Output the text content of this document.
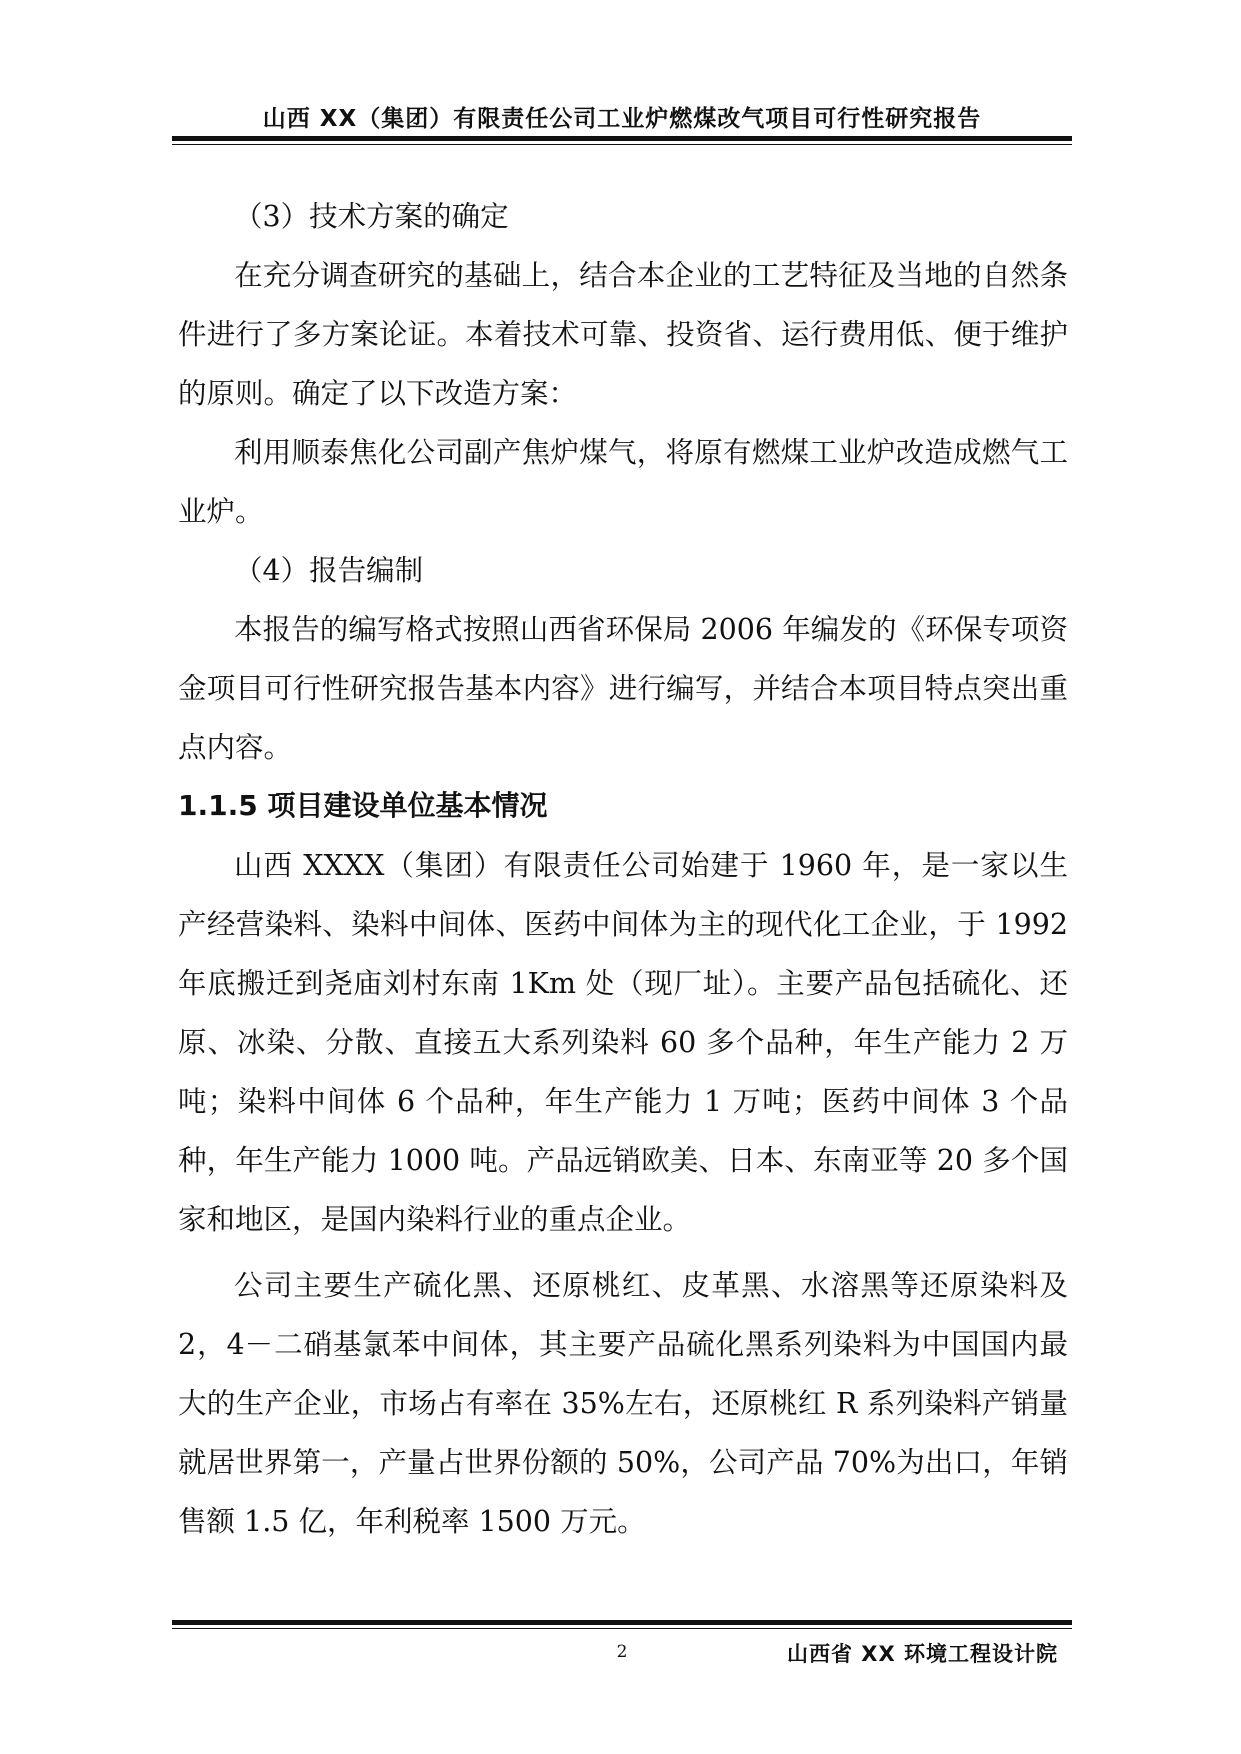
山西 XX（集团）有限责任公司工业炉燃煤改气项目可行性研究报告

（3）技术方案的确定

在充分调查研究的基础上，结合本企业的工艺特征及当地的自然条件进行了多方案论证。本着技术可靠、投资省、运行费用低、便于维护的原则。确定了以下改造方案：

利用顺泰焦化公司副产焦炉煤气，将原有燃煤工业炉改造成燃气工业炉。

（4）报告编制

本报告的编写格式按照山西省环保局 2006 年编发的《环保专项资金项目可行性研究报告基本内容》进行编写，并结合本项目特点突出重点内容。

1.1.5 项目建设单位基本情况

山西 XXXX（集团）有限责任公司始建于 1960 年，是一家以生产经营染料、染料中间体、医药中间体为主的现代化工企业，于 1992 年底搬迁到尧庙刘村东南 1Km 处（现厂址）。主要产品包括硫化、还原、冰染、分散、直接五大系列染料 60 多个品种，年生产能力 2 万吨；染料中间体 6 个品种，年生产能力 1 万吨；医药中间体 3 个品种，年生产能力 1000 吨。产品远销欧美、日本、东南亚等 20 多个国家和地区，是国内染料行业的重点企业。

公司主要生产硫化黑、还原桃红、皮革黑、水溶黑等还原染料及 2，4－二硝基氯苯中间体，其主要产品硫化黑系列染料为中国国内最大的生产企业，市场占有率在 35%左右，还原桃红 R 系列染料产销量就居世界第一，产量占世界份额的 50%，公司产品 70%为出口，年销售额 1.5 亿，年利税率 1500 万元。

2	山西省 XX 环境工程设计院
